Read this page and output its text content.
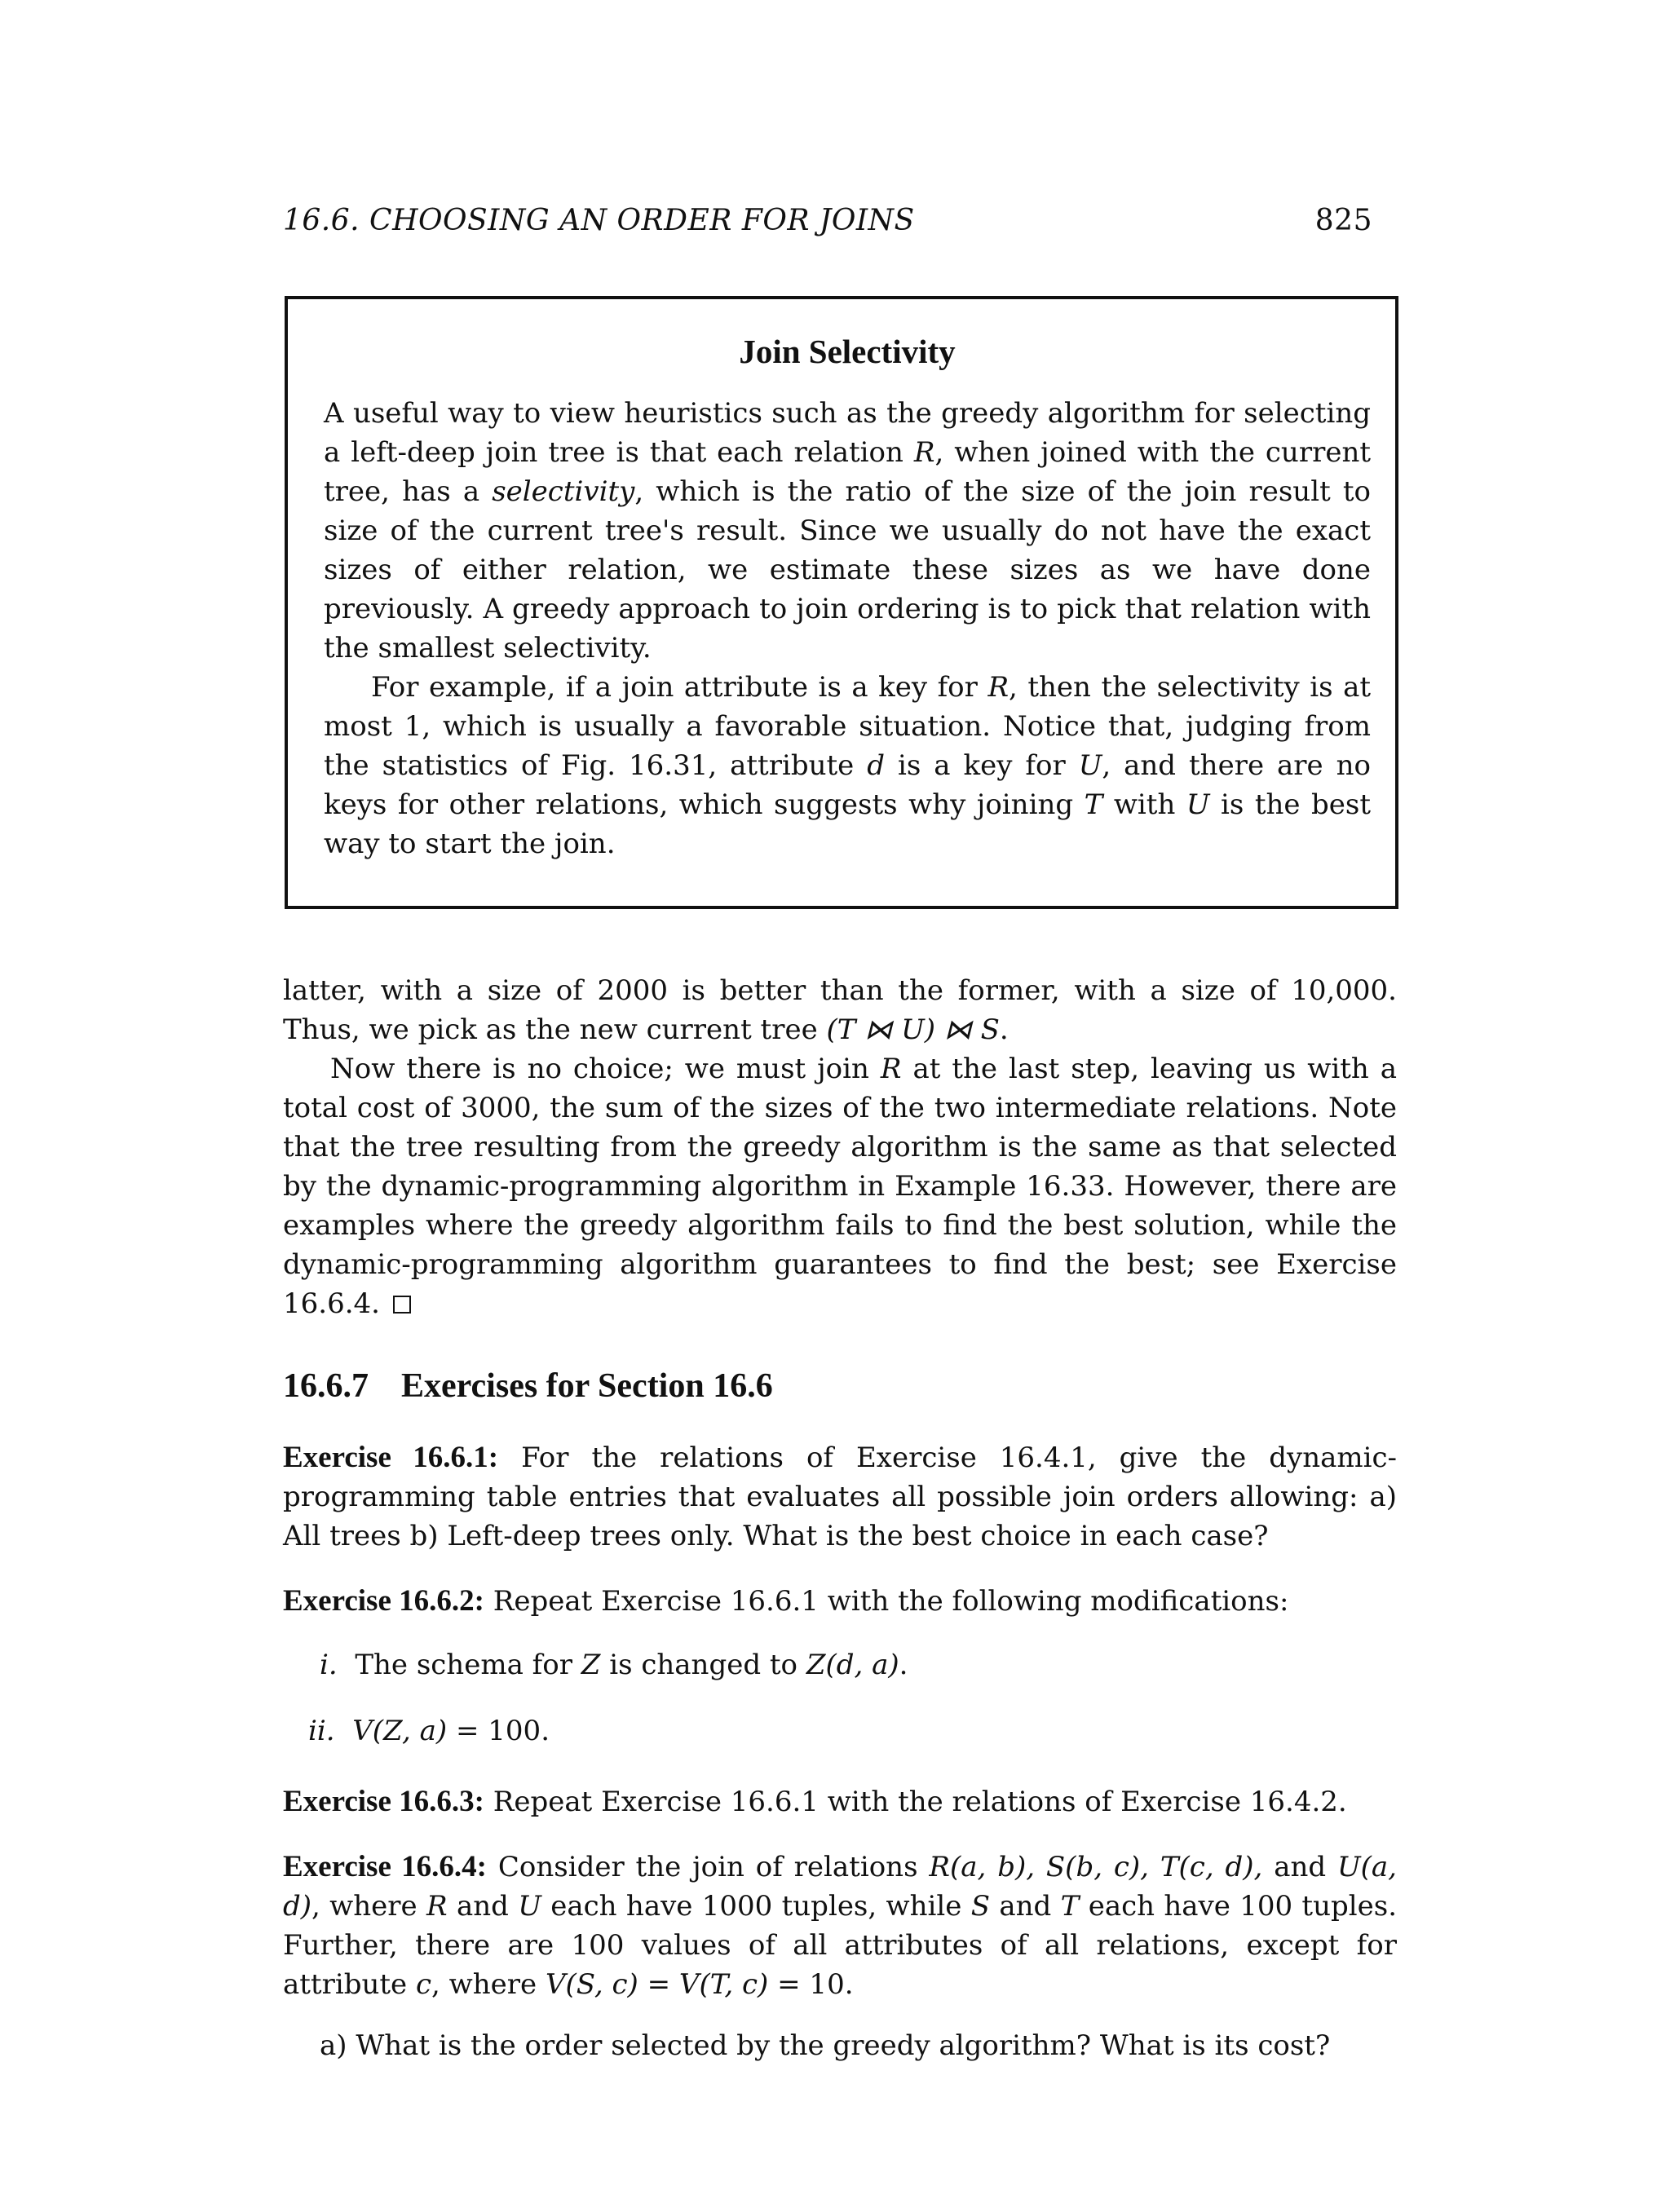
16.6. CHOOSING AN ORDER FOR JOINS	825
Join Selectivity

A useful way to view heuristics such as the greedy algorithm for selecting a left-deep join tree is that each relation R, when joined with the current tree, has a selectivity, which is the ratio of the size of the join result to size of the current tree's result. Since we usually do not have the exact sizes of either relation, we estimate these sizes as we have done previously. A greedy approach to join ordering is to pick that relation with the smallest selectivity.

For example, if a join attribute is a key for R, then the selectivity is at most 1, which is usually a favorable situation. Notice that, judging from the statistics of Fig. 16.31, attribute d is a key for U, and there are no keys for other relations, which suggests why joining T with U is the best way to start the join.

latter, with a size of 2000 is better than the former, with a size of 10,000. Thus, we pick as the new current tree (T ⋈ U) ⋈ S.

Now there is no choice; we must join R at the last step, leaving us with a total cost of 3000, the sum of the sizes of the two intermediate relations. Note that the tree resulting from the greedy algorithm is the same as that selected by the dynamic-programming algorithm in Example 16.33. However, there are examples where the greedy algorithm fails to find the best solution, while the dynamic-programming algorithm guarantees to find the best; see Exercise 16.6.4.

16.6.7 Exercises for Section 16.6

Exercise 16.6.1: For the relations of Exercise 16.4.1, give the dynamic-programming table entries that evaluates all possible join orders allowing: a) All trees b) Left-deep trees only. What is the best choice in each case?

Exercise 16.6.2: Repeat Exercise 16.6.1 with the following modifications:

i. The schema for Z is changed to Z(d, a).
ii. V(Z, a) = 100.

Exercise 16.6.3: Repeat Exercise 16.6.1 with the relations of Exercise 16.4.2.

Exercise 16.6.4: Consider the join of relations R(a, b), S(b, c), T(c, d), and U(a, d), where R and U each have 1000 tuples, while S and T each have 100 tuples. Further, there are 100 values of all attributes of all relations, except for attribute c, where V(S, c) = V(T, c) = 10.

a) What is the order selected by the greedy algorithm? What is its cost?
